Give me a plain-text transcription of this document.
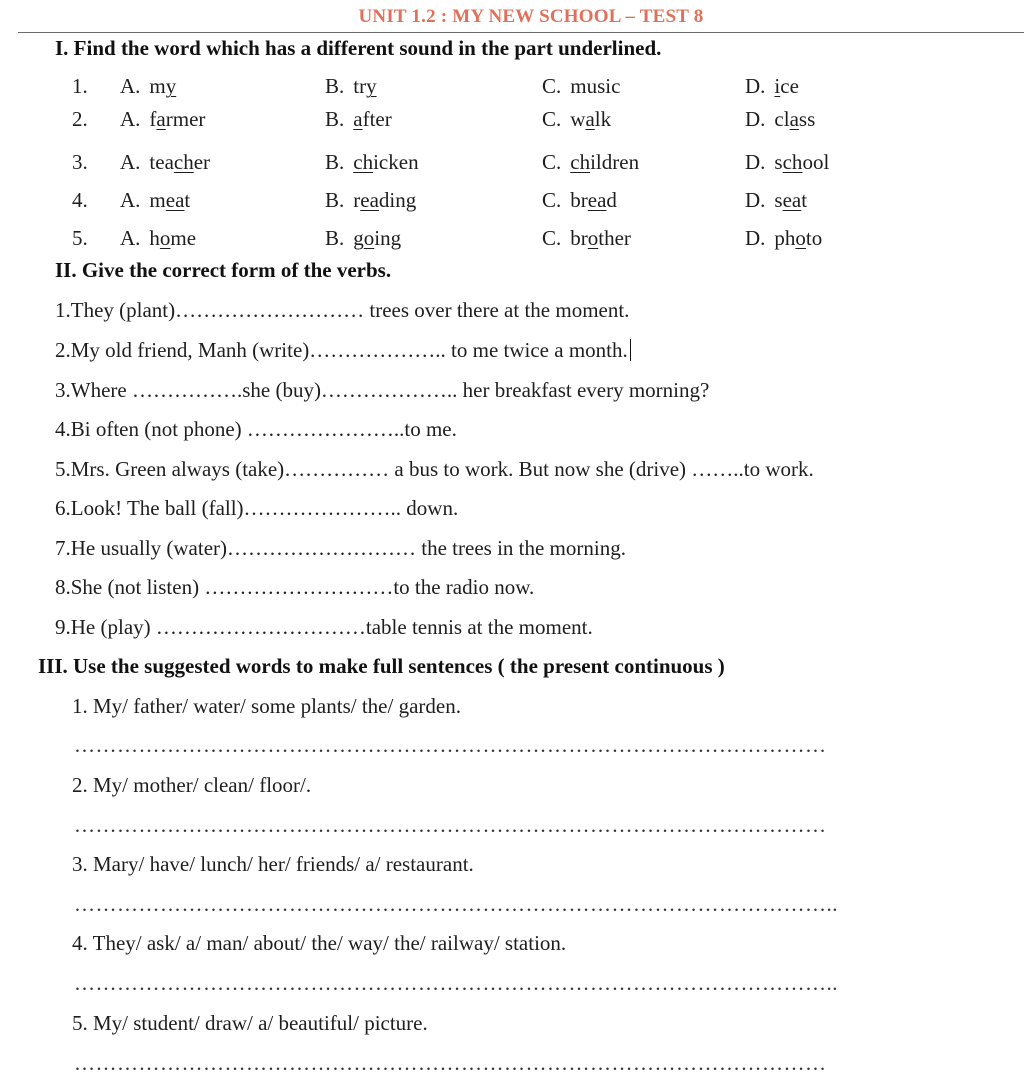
UNIT 1.2 : MY NEW SCHOOL – TEST 8
I. Find the word which has a different sound in the part underlined.
1. A. my	B. try	C. music	D. ice
2. A. farmer	B. after	C. walk	D. class
3. A. teacher	B. chicken	C. children	D. school
4. A. meat	B. reading	C. bread	D. seat
5. A. home	B. going	C. brother	D. photo
II. Give the correct form of the verbs.
1.They (plant)……………………… trees over there at the moment.
2.My old friend, Manh (write)……………….. to me twice a month.
3.Where …………….she (buy)……………….. her breakfast every morning?
4.Bi often (not phone) …………………..to me.
5.Mrs. Green always (take)…………… a bus to work. But now she (drive) ……..to work.
6.Look! The ball (fall)………………….. down.
7.He usually (water)……………………… the trees in the morning.
8.She (not listen) ………………………to the radio now.
9.He (play) …………………………table tennis at the moment.
III. Use the suggested words to make full sentences ( the present continuous )
1. My/ father/ water/ some plants/ the/ garden.
……………………………………………………………………………………………
2. My/ mother/ clean/ floor/.
……………………………………………………………………………………………
3. Mary/ have/ lunch/ her/ friends/ a/ restaurant.
……………………………………………………………………………………………..
4. They/ ask/ a/ man/ about/ the/ way/ the/ railway/ station.
……………………………………………………………………………………………..
5. My/ student/ draw/ a/ beautiful/ picture.
……………………………………………………………………………………………
